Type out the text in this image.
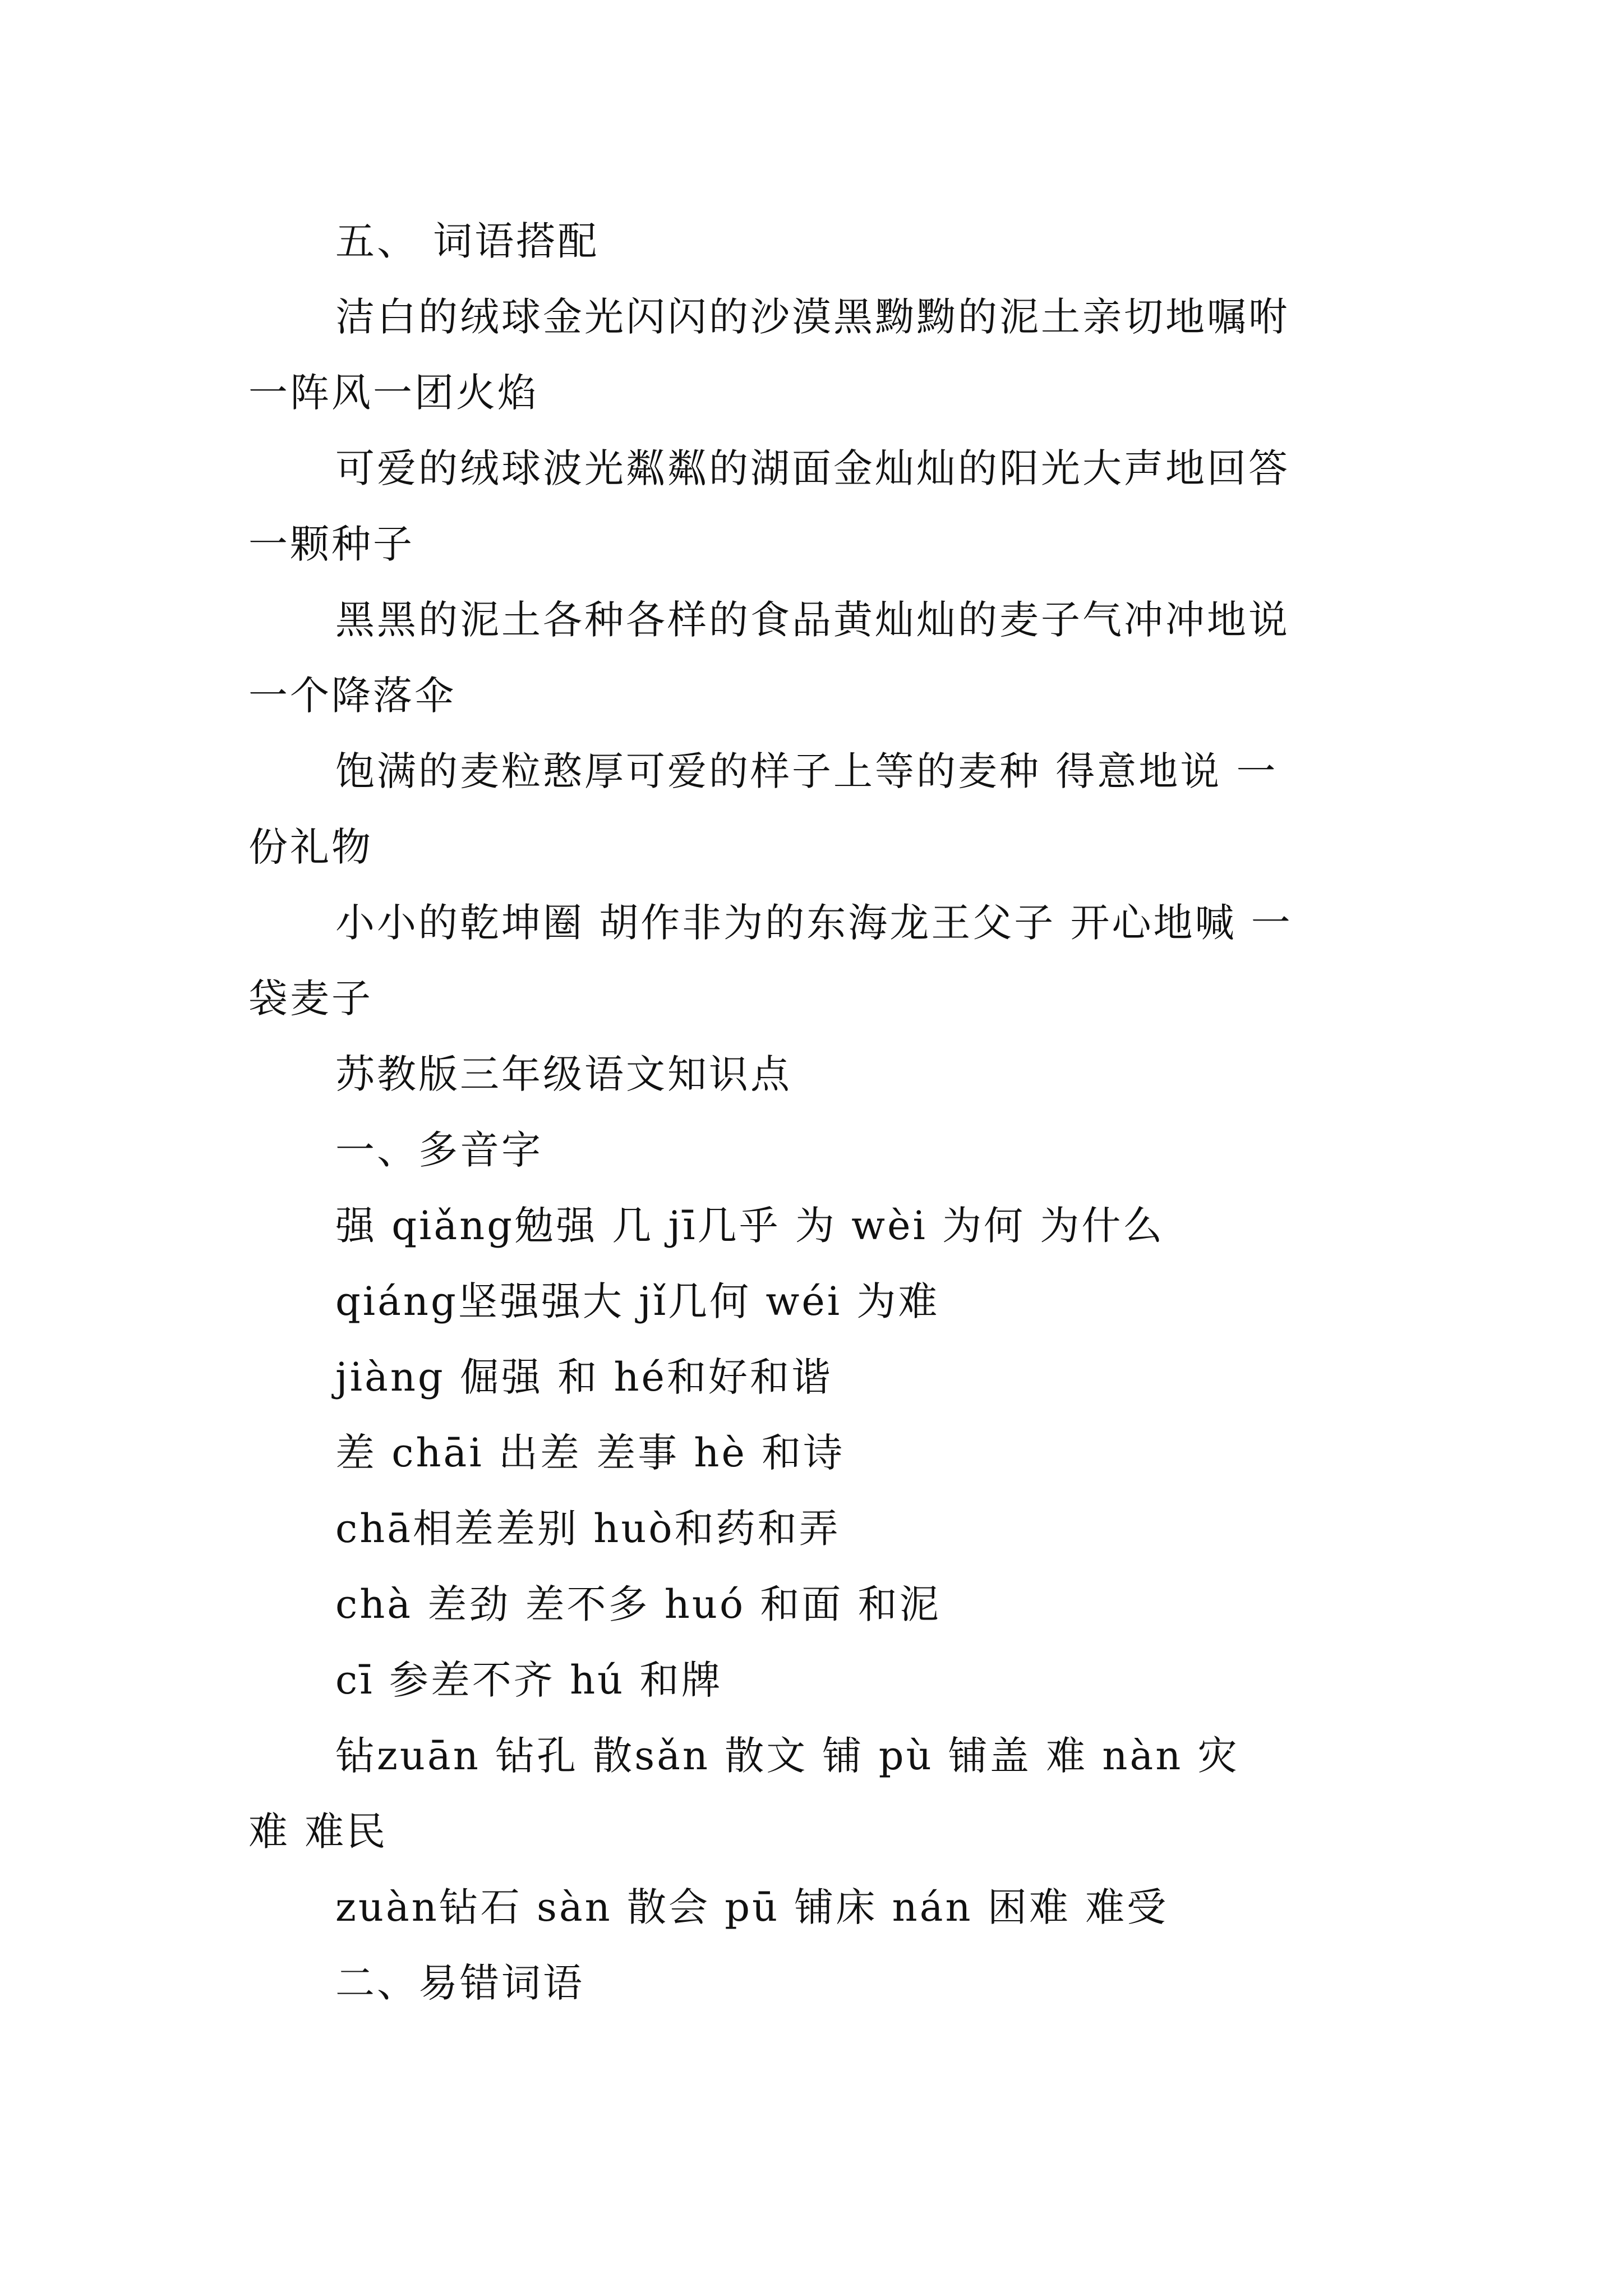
五、 词语搭配
洁白的绒球金光闪闪的沙漠黑黝黝的泥土亲切地嘱咐
一阵风一团火焰
可爱的绒球波光粼粼的湖面金灿灿的阳光大声地回答
一颗种子
黑黑的泥土各种各样的食品黄灿灿的麦子气冲冲地说
一个降落伞
饱满的麦粒憨厚可爱的样子上等的麦种 得意地说 一
份礼物
小小的乾坤圈 胡作非为的东海龙王父子 开心地喊 一
袋麦子
苏教版三年级语文知识点
一、多音字
强 qiǎng勉强 几 jī几乎 为 wèi 为何 为什么
qiáng坚强强大 jǐ几何 wéi 为难
jiàng 倔强 和 hé和好和谐
差 chāi 出差 差事 hè 和诗
chā相差差别 huò和药和弄
chà 差劲 差不多 huó 和面 和泥
cī 参差不齐 hú 和牌
钻zuān 钻孔 散sǎn 散文 铺 pù 铺盖 难 nàn 灾
难 难民
zuàn钻石 sàn 散会 pū 铺床 nán 困难 难受
二、易错词语
